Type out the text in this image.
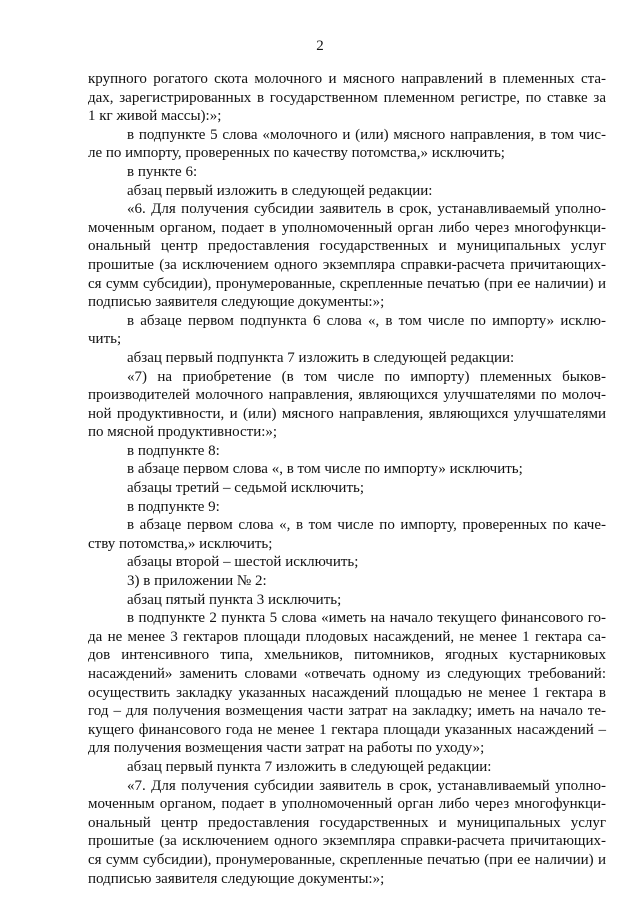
2
крупного рогатого скота молочного и мясного направлений в племенных ста-
дах, зарегистрированных в государственном племенном регистре, по ставке за
1 кг живой массы):»;
в подпункте 5 слова «молочного и (или) мясного направления, в том чис-
ле по импорту, проверенных по качеству потомства,» исключить;
в пункте 6:
абзац первый изложить в следующей редакции:
«6. Для получения субсидии заявитель в срок, устанавливаемый уполно-
моченным органом, подает в уполномоченный орган либо через многофункци-
ональный центр предоставления государственных и муниципальных услуг
прошитые (за исключением одного экземпляра справки-расчета причитающих-
ся сумм субсидии), пронумерованные, скрепленные печатью (при ее наличии) и
подписью заявителя следующие документы:»;
в абзаце первом подпункта 6 слова «, в том числе по импорту» исклю-
чить;
абзац первый подпункта 7 изложить в следующей редакции:
«7) на приобретение (в том числе по импорту) племенных быков-
производителей молочного направления, являющихся улучшателями по молоч-
ной продуктивности, и (или) мясного направления, являющихся улучшателями
по мясной продуктивности:»;
в подпункте 8:
в абзаце первом слова «, в том числе по импорту» исключить;
абзацы третий – седьмой исключить;
в подпункте 9:
в абзаце первом слова «, в том числе по импорту, проверенных по каче-
ству потомства,» исключить;
абзацы второй – шестой исключить;
3) в приложении № 2:
абзац пятый пункта 3 исключить;
в подпункте 2 пункта 5 слова «иметь на начало текущего финансового го-
да не менее 3 гектаров площади плодовых насаждений, не менее 1 гектара са-
дов интенсивного типа, хмельников, питомников, ягодных кустарниковых
насаждений» заменить словами «отвечать одному из следующих требований:
осуществить закладку указанных насаждений площадью не менее 1 гектара в
год – для получения возмещения части затрат на закладку; иметь на начало те-
кущего финансового года не менее 1 гектара площади указанных насаждений –
для получения возмещения части затрат на работы по уходу»;
абзац первый пункта 7 изложить в следующей редакции:
«7. Для получения субсидии заявитель в срок, устанавливаемый уполно-
моченным органом, подает в уполномоченный орган либо через многофункци-
ональный центр предоставления государственных и муниципальных услуг
прошитые (за исключением одного экземпляра справки-расчета причитающих-
ся сумм субсидии), пронумерованные, скрепленные печатью (при ее наличии) и
подписью заявителя следующие документы:»;
